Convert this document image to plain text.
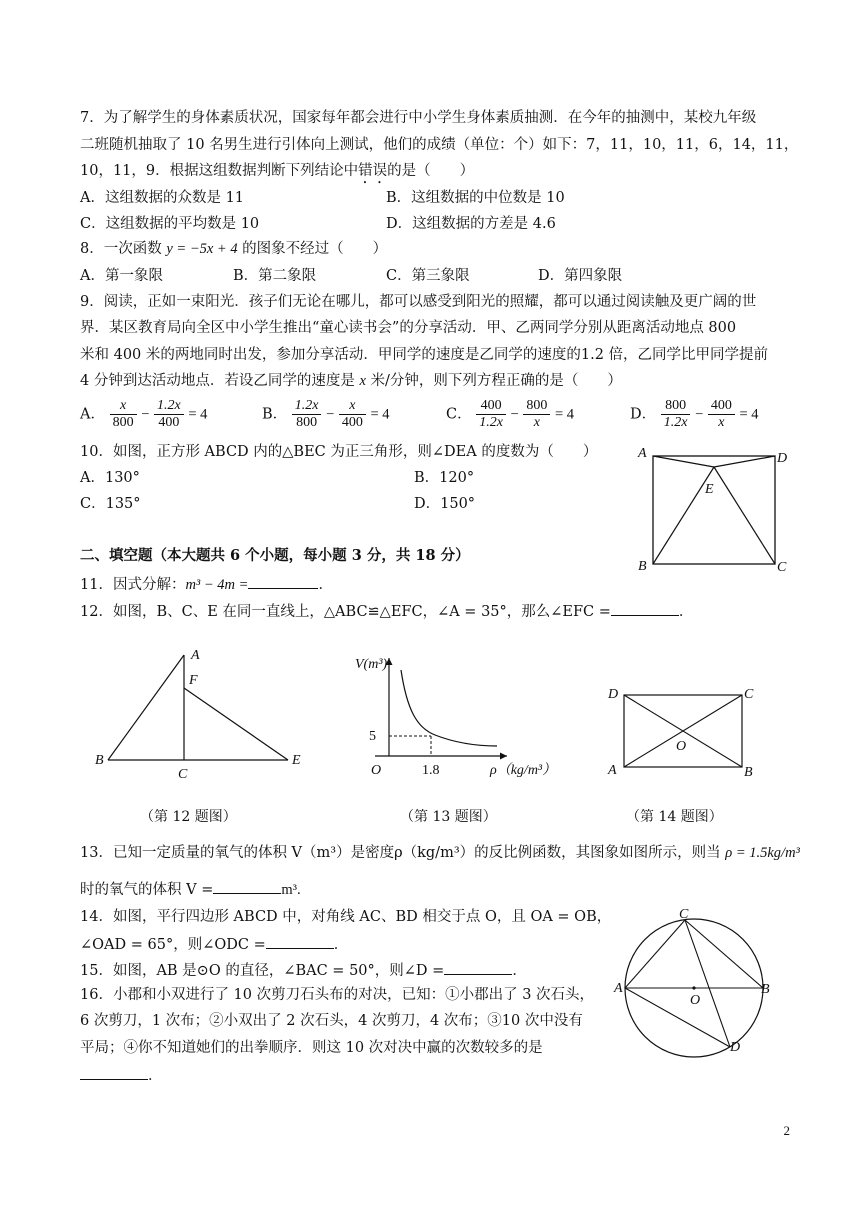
7．为了解学生的身体素质状况，国家每年都会进行中小学生身体素质抽测．在今年的抽测中，某校九年级
二班随机抽取了 10 名男生进行引体向上测试，他们的成绩（单位：个）如下：7，11，10，11，6，14，11，
10，11，9．根据这组数据判断下列结论中错误的是（　　）
A．这组数据的众数是 11	B．这组数据的中位数是 10
C．这组数据的平均数是 10	D．这组数据的方差是 4.6
8．一次函数 y = −5x + 4 的图象不经过（　　）
A．第一象限	B．第二象限	C．第三象限	D．第四象限
9．阅读，正如一束阳光．孩子们无论在哪儿，都可以感受到阳光的照耀，都可以通过阅读触及更广阔的世
界．某区教育局向全区中小学生推出“童心读书会”的分享活动．甲、乙两同学分别从距离活动地点 800
米和 400 米的两地同时出发，参加分享活动．甲同学的速度是乙同学的速度的1.2 倍，乙同学比甲同学提前
4 分钟到达活动地点．若设乙同学的速度是 x 米/分钟，则下列方程正确的是（　　）
A． $\frac{x}{800} - \frac{1.2x}{400} = 4$	B． $\frac{1.2x}{800} - \frac{x}{400} = 4$	C． $\frac{400}{1.2x} - \frac{800}{x} = 4$	D． $\frac{800}{1.2x} - \frac{400}{x} = 4$
10．如图，正方形 ABCD 内的△BEC 为正三角形，则∠DEA 的度数为（　　）
A．130°	B．120°
C．135°	D．150°
A	D
E
B	C
二、填空题（本大题共 6 个小题，每小题 3 分，共 18 分）
11．因式分解：m³ − 4m =	．
12．如图，B、C、E 在同一直线上，△ABC≌△EFC，∠A = 35°，那么∠EFC =	．
A
F
B
C
E
（第 12 题图）
V(m³)
5
O	1.8	ρ（kg/m³）
（第 13 题图）
D	C
O
A	B
（第 14 题图）
13．已知一定质量的氧气的体积 V（m³）是密度ρ（kg/m³）的反比例函数，其图象如图所示，则当 ρ = 1.5kg/m³
时的氧气的体积 V =	m³.
14．如图，平行四边形 ABCD 中，对角线 AC、BD 相交于点 O，且 OA = OB，
∠OAD = 65°，则∠ODC =	．
15．如图，AB 是⊙O 的直径，∠BAC = 50°，则∠D =	．
16．小郡和小双进行了 10 次剪刀石头布的对决，已知：①小郡出了 3 次石头，
6 次剪刀，1 次布；②小双出了 2 次石头，4 次剪刀，4 次布；③10 次中没有
平局；④你不知道她们的出拳顺序．则这 10 次对决中赢的次数较多的是
．
C
A	B
O
D
2
